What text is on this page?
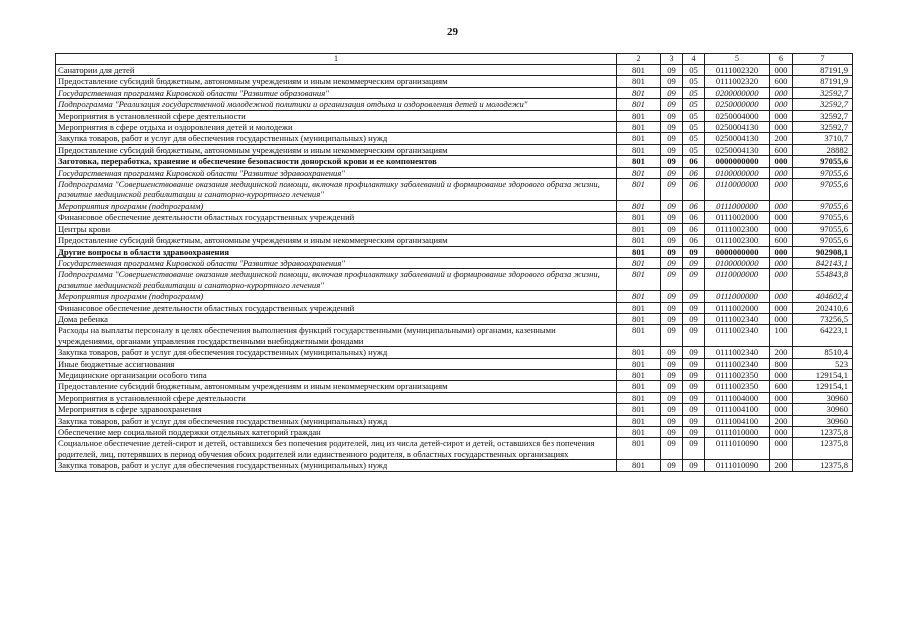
29
1	2	3	4	5	6	7
Санатории для детей	801	09	05	0111002320	000	87191,9
Предоставление субсидий бюджетным, автономным учреждениям и иным некоммерческим организациям	801	09	05	0111002320	600	87191,9
Государственная программа Кировской области "Развитие образования"	801	09	05	0200000000	000	32592,7
Подпрограмма "Реализация государственной молодежной политики и организация отдыха и оздоровления детей и молодежи"	801	09	05	0250000000	000	32592,7
Мероприятия в установленной сфере деятельности	801	09	05	0250004000	000	32592,7
Мероприятия в сфере отдыха и оздоровления детей и молодежи	801	09	05	0250004130	000	32592,7
Закупка товаров, работ и услуг для обеспечения государственных (муниципальных) нужд	801	09	05	0250004130	200	3710,7
Предоставление субсидий бюджетным, автономным учреждениям и иным некоммерческим организациям	801	09	05	0250004130	600	28882
Заготовка, переработка, хранение и обеспечение безопасности донорской крови и ее компонентов	801	09	06	0000000000	000	97055,6
Государственная программа Кировской области "Развитие здравоохранения"	801	09	06	0100000000	000	97055,6
Подпрограмма "Совершенствование оказания медицинской помощи, включая профилактику заболеваний и формирование здорового образа жизни, развитие медицинской реабилитации и санаторно-курортного лечения"	801	09	06	0110000000	000	97055,6
Мероприятия программ (подпрограмм)	801	09	06	0111000000	000	97055,6
Финансовое обеспечение деятельности областных государственных учреждений	801	09	06	0111002000	000	97055,6
Центры крови	801	09	06	0111002300	000	97055,6
Предоставление субсидий бюджетным, автономным учреждениям и иным некоммерческим организациям	801	09	06	0111002300	600	97055,6
Другие вопросы в области здравоохранения	801	09	09	0000000000	000	902908,1
Государственная программа Кировской области "Развитие здравоохранения"	801	09	09	0100000000	000	842143,1
Подпрограмма "Совершенствование оказания медицинской помощи, включая профилактику заболеваний и формирование здорового образа жизни, развитие медицинской реабилитации и санаторно-курортного лечения"	801	09	09	0110000000	000	554843,8
Мероприятия программ (подпрограмм)	801	09	09	0111000000	000	404602,4
Финансовое обеспечение деятельности областных государственных учреждений	801	09	09	0111002000	000	202410,6
Дома ребенка	801	09	09	0111002340	000	73256,5
Расходы на выплаты персоналу в целях обеспечения выполнения функций государственными (муниципальными) органами, казенными учреждениями, органами управления государственными внебюджетными фондами	801	09	09	0111002340	100	64223,1
Закупка товаров, работ и услуг для обеспечения государственных (муниципальных) нужд	801	09	09	0111002340	200	8510,4
Иные бюджетные ассигнования	801	09	09	0111002340	800	523
Медицинские организации особого типа	801	09	09	0111002350	000	129154,1
Предоставление субсидий бюджетным, автономным учреждениям и иным некоммерческим организациям	801	09	09	0111002350	600	129154,1
Мероприятия в установленной сфере деятельности	801	09	09	0111004000	000	30960
Мероприятия в сфере здравоохранения	801	09	09	0111004100	000	30960
Закупка товаров, работ и услуг для обеспечения государственных (муниципальных) нужд	801	09	09	0111004100	200	30960
Обеспечение мер социальной поддержки отдельных категорий граждан	801	09	09	0111010000	000	12375,8
Социальное обеспечение детей-сирот и детей, оставшихся без попечения родителей, лиц из числа детей-сирот и детей, оставшихся без попечения родителей, лиц, потерявших в период обучения обоих родителей или единственного родителя, в областных государственных организациях	801	09	09	0111010090	000	12375,8
Закупка товаров, работ и услуг для обеспечения государственных (муниципальных) нужд	801	09	09	0111010090	200	12375,8
